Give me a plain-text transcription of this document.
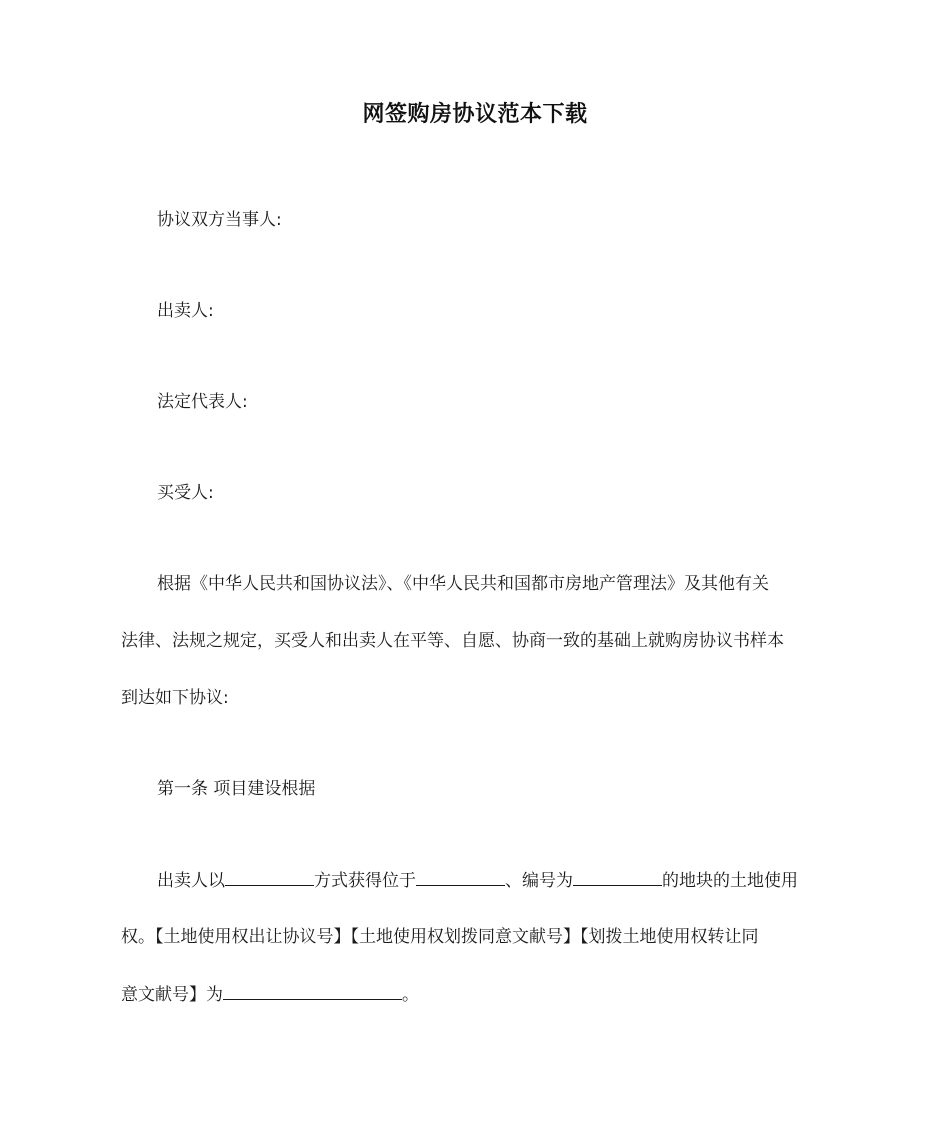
网签购房协议范本下载
协议双方当事人:
出卖人:
法定代表人:
买受人:
根据《中华人民共和国协议法》、《中华人民共和国都市房地产管理法》及其他有关
法律、法规之规定，买受人和出卖人在平等、自愿、协商一致的基础上就购房协议书样本
到达如下协议:
第一条 项目建设根据
出卖人以	方式获得位于	、编号为	的地块的土地使用
权。【土地使用权出让协议号】【土地使用权划拨同意文献号】【划拨土地使用权转让同
意文献号】为	。
